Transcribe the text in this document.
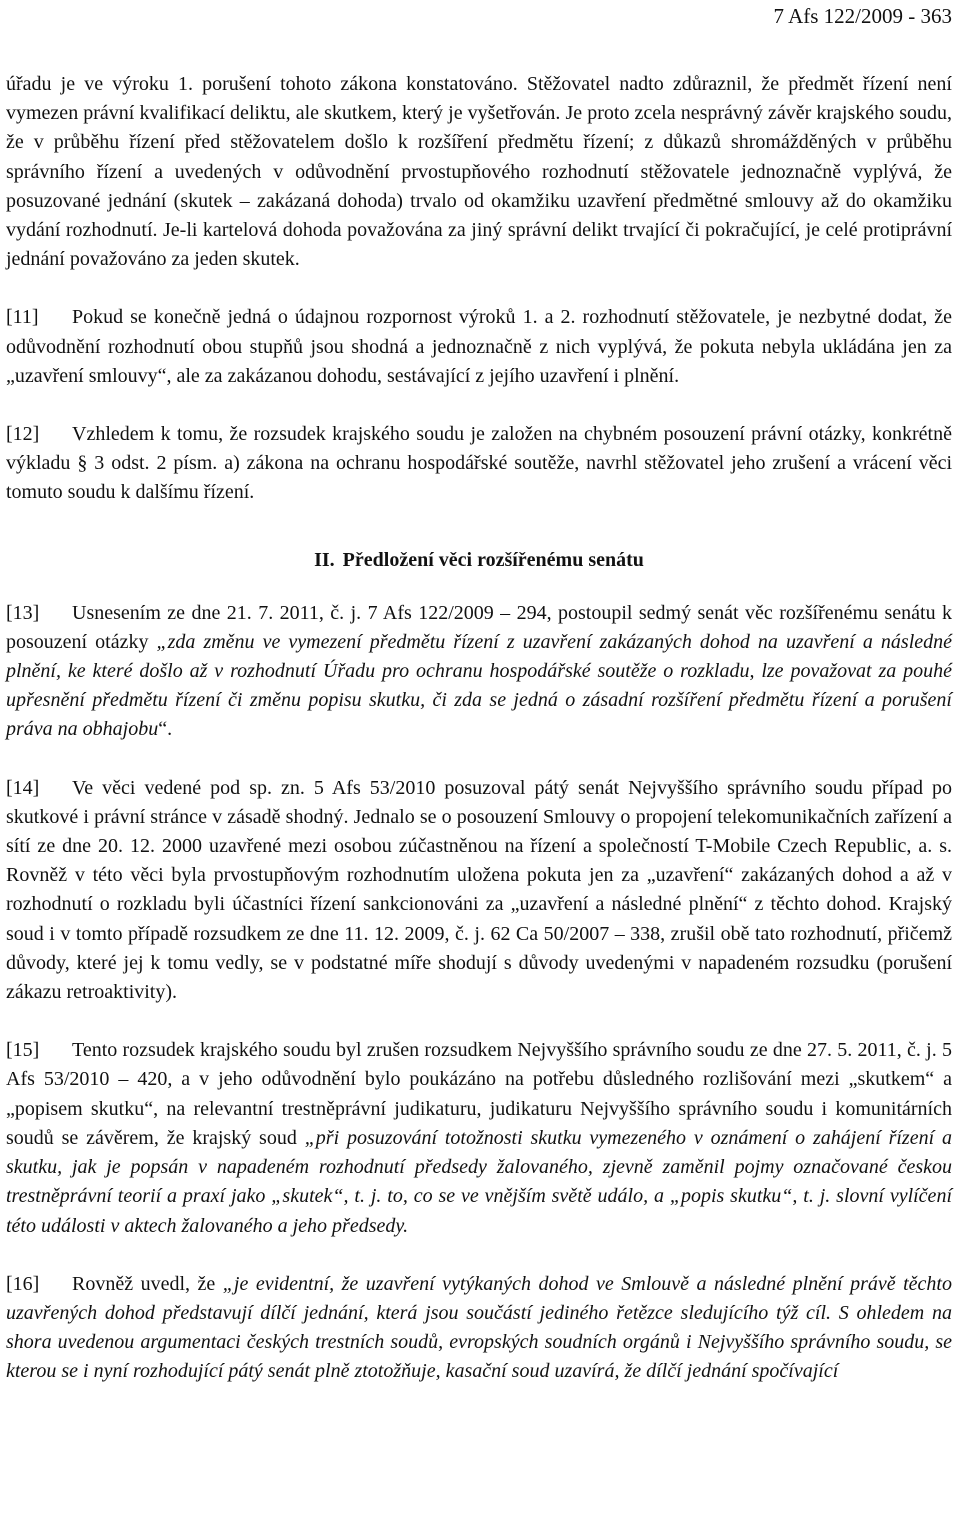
7 Afs 122/2009 - 363

úřadu je ve výroku 1. porušení tohoto zákona konstatováno. Stěžovatel nadto zdůraznil, že předmět řízení není vymezen právní kvalifikací deliktu, ale skutkem, který je vyšetřován. Je proto zcela nesprávný závěr krajského soudu, že v průběhu řízení před stěžovatelem došlo k rozšíření předmětu řízení; z důkazů shromážděných v průběhu správního řízení a uvedených v odůvodnění prvostupňového rozhodnutí stěžovatele jednoznačně vyplývá, že posuzované jednání (skutek – zakázaná dohoda) trvalo od okamžiku uzavření předmětné smlouvy až do okamžiku vydání rozhodnutí. Je-li kartelová dohoda považována za jiný správní delikt trvající či pokračující, je celé protiprávní jednání považováno za jeden skutek.

[11] Pokud se konečně jedná o údajnou rozpornost výroků 1. a 2. rozhodnutí stěžovatele, je nezbytné dodat, že odůvodnění rozhodnutí obou stupňů jsou shodná a jednoznačně z nich vyplývá, že pokuta nebyla ukládána jen za „uzavření smlouvy“, ale za zakázanou dohodu, sestávající z jejího uzavření i plnění.

[12] Vzhledem k tomu, že rozsudek krajského soudu je založen na chybném posouzení právní otázky, konkrétně výkladu § 3 odst. 2 písm. a) zákona na ochranu hospodářské soutěže, navrhl stěžovatel jeho zrušení a vrácení věci tomuto soudu k dalšímu řízení.

II. Předložení věci rozšířenému senátu

[13] Usnesením ze dne 21. 7. 2011, č. j. 7 Afs 122/2009 – 294, postoupil sedmý senát věc rozšířenému senátu k posouzení otázky „zda změnu ve vymezení předmětu řízení z uzavření zakázaných dohod na uzavření a následné plnění, ke které došlo až v rozhodnutí Úřadu pro ochranu hospodářské soutěže o rozkladu, lze považovat za pouhé upřesnění předmětu řízení či změnu popisu skutku, či zda se jedná o zásadní rozšíření předmětu řízení a porušení práva na obhajobu“.

[14] Ve věci vedené pod sp. zn. 5 Afs 53/2010 posuzoval pátý senát Nejvyššího správního soudu případ po skutkové i právní stránce v zásadě shodný. Jednalo se o posouzení Smlouvy o propojení telekomunikačních zařízení a sítí ze dne 20. 12. 2000 uzavřené mezi osobou zúčastněnou na řízení a společností T-Mobile Czech Republic, a. s. Rovněž v této věci byla prvostupňovým rozhodnutím uložena pokuta jen za „uzavření“ zakázaných dohod a až v rozhodnutí o rozkladu byli účastníci řízení sankcionováni za „uzavření a následné plnění“ z těchto dohod. Krajský soud i v tomto případě rozsudkem ze dne 11. 12. 2009, č. j. 62 Ca 50/2007 – 338, zrušil obě tato rozhodnutí, přičemž důvody, které jej k tomu vedly, se v podstatné míře shodují s důvody uvedenými v napadeném rozsudku (porušení zákazu retroaktivity).

[15] Tento rozsudek krajského soudu byl zrušen rozsudkem Nejvyššího správního soudu ze dne 27. 5. 2011, č. j. 5 Afs 53/2010 – 420, a v jeho odůvodnění bylo poukázáno na potřebu důsledného rozlišování mezi „skutkem“ a „popisem skutku“, na relevantní trestněprávní judikaturu, judikaturu Nejvyššího správního soudu i komunitárních soudů se závěrem, že krajský soud „při posuzování totožnosti skutku vymezeného v oznámení o zahájení řízení a skutku, jak je popsán v napadeném rozhodnutí předsedy žalovaného, zjevně zaměnil pojmy označované českou trestněprávní teorií a praxí jako „skutek“, t. j. to, co se ve vnějším světě událo, a „popis skutku“, t. j. slovní vylíčení této události v aktech žalovaného a jeho předsedy.

[16] Rovněž uvedl, že „je evidentní, že uzavření vytýkaných dohod ve Smlouvě a následné plnění právě těchto uzavřených dohod představují dílčí jednání, která jsou součástí jediného řetězce sledujícího týž cíl. S ohledem na shora uvedenou argumentaci českých trestních soudů, evropských soudních orgánů i Nejvyššího správního soudu, se kterou se i nyní rozhodující pátý senát plně ztotožňuje, kasační soud uzavírá, že dílčí jednání spočívající
